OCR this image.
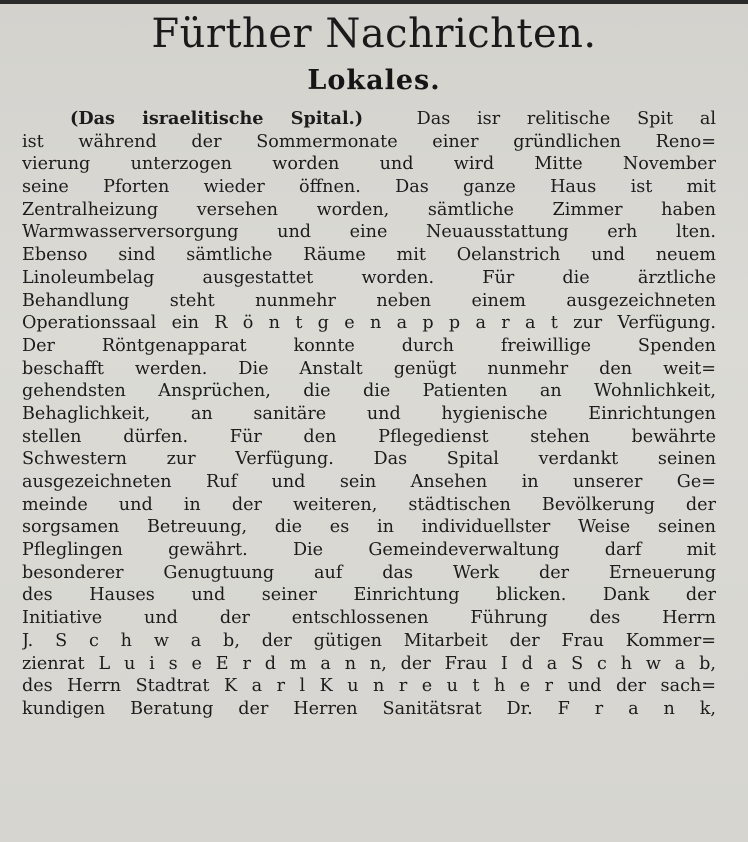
Fürther Nachrichten.
Lokales.
(Das israelitische Spital.)	Das isr relitische Spit al
ist während der Sommermonate einer gründlichen Reno=
vierung unterzogen worden und wird Mitte November
seine Pforten wieder öffnen. Das ganze Haus ist mit
Zentralheizung versehen worden, sämtliche Zimmer haben
Warmwasserversorgung und eine Neuausstattung erh lten.
Ebenso sind sämtliche Räume mit Oelanstrich und neuem
Linoleumbelag ausgestattet worden. Für die ärztliche
Behandlung steht nunmehr neben einem ausgezeichneten
Operationssaal ein R ö n t g e n a p p a r a t zur Verfügung.
Der Röntgenapparat konnte durch freiwillige Spenden
beschafft werden. Die Anstalt genügt nunmehr den weit=
gehendsten Ansprüchen, die die Patienten an Wohnlichkeit,
Behaglichkeit, an sanitäre und hygienische Einrichtungen
stellen dürfen. Für den Pflegedienst stehen bewährte
Schwestern zur Verfügung. Das Spital verdankt seinen
ausgezeichneten Ruf und sein Ansehen in unserer Ge=
meinde und in der weiteren, städtischen Bevölkerung der
sorgsamen Betreuung, die es in individuellster Weise seinen
Pfleglingen gewährt. Die Gemeindeverwaltung darf mit
besonderer Genugtuung auf das Werk der Erneuerung
des Hauses und seiner Einrichtung blicken. Dank der
Initiative und der entschlossenen Führung des Herrn
J. S c h w a b, der gütigen Mitarbeit der Frau Kommer=
zienrat L u i s e E r d m a n n, der Frau I d a S c h w a b,
des Herrn Stadtrat K a r l K u n r e u t h e r und der sach=
kundigen Beratung der Herren Sanitätsrat Dr. F r a n k,
